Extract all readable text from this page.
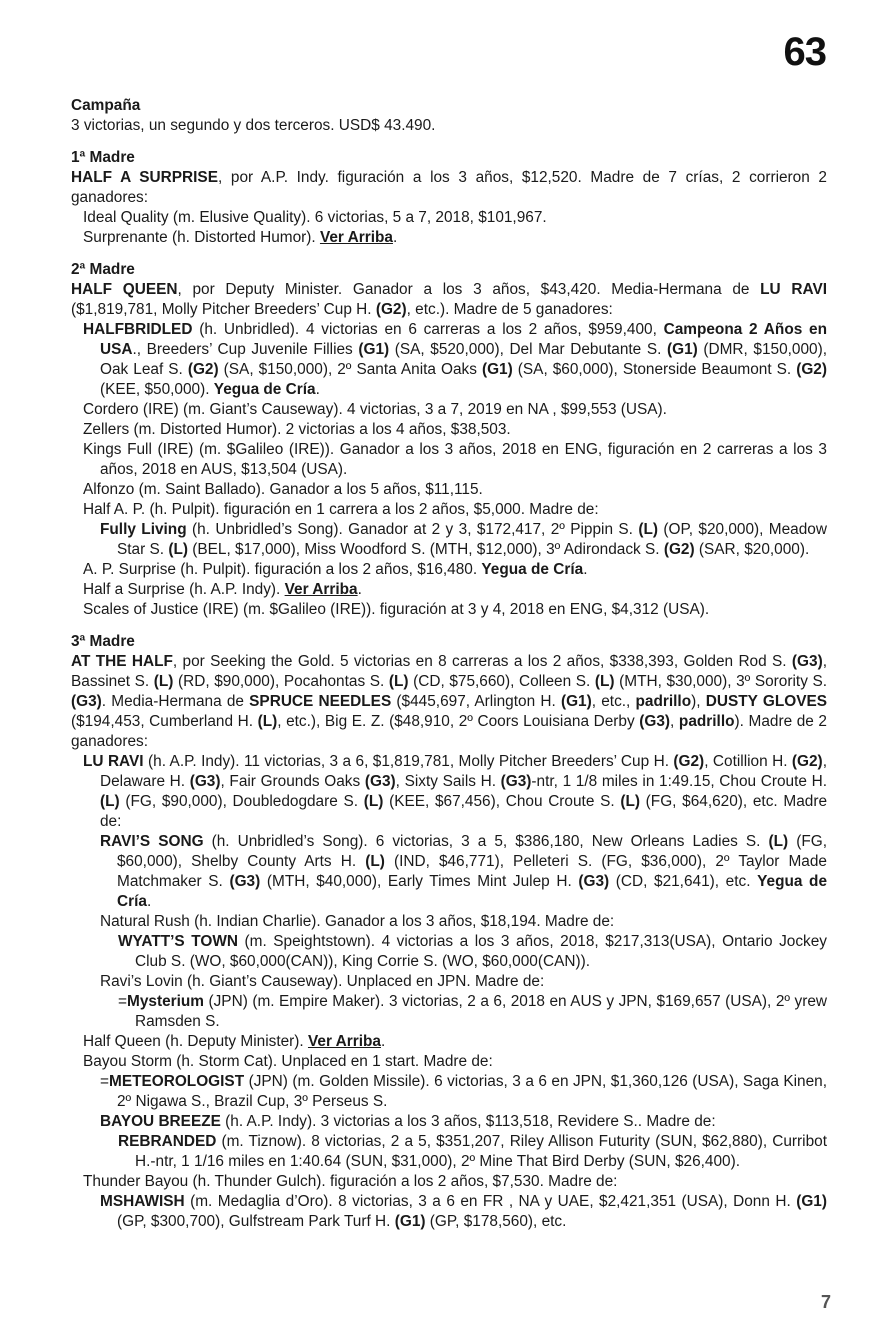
63

Campaña

3 victorias, un segundo y dos terceros. USD$ 43.490.

1ª Madre

HALF A SURPRISE, por A.P. Indy. figuración a los 3 años, $12,520. Madre de 7 crías, 2 corrieron 2 ganadores:

Ideal Quality (m. Elusive Quality). 6 victorias, 5 a 7, 2018, $101,967.

Surprenante (h. Distorted Humor). Ver Arriba.

2ª Madre

HALF QUEEN, por Deputy Minister. Ganador a los 3 años, $43,420. Media-Hermana de LU RAVI ($1,819,781, Molly Pitcher Breeders’ Cup H. (G2), etc.). Madre de 5 ganadores:

HALFBRIDLED (h. Unbridled). 4 victorias en 6 carreras a los 2 años, $959,400, Campeona 2 Años en USA., Breeders’ Cup Juvenile Fillies (G1) (SA, $520,000), Del Mar Debutante S. (G1) (DMR, $150,000), Oak Leaf S. (G2) (SA, $150,000), 2º Santa Anita Oaks (G1) (SA, $60,000), Stonerside Beaumont S. (G2) (KEE, $50,000). Yegua de Cría.

Cordero (IRE) (m. Giant’s Causeway). 4 victorias, 3 a 7, 2019 en NA , $99,553 (USA).

Zellers (m. Distorted Humor). 2 victorias a los 4 años, $38,503.

Kings Full (IRE) (m. $Galileo (IRE)). Ganador a los 3 años, 2018 en ENG, figuración en 2 carreras a los 3 años, 2018 en AUS, $13,504 (USA).

Alfonzo (m. Saint Ballado). Ganador a los 5 años, $11,115.

Half A. P. (h. Pulpit). figuración en 1 carrera a los 2 años, $5,000. Madre de:

Fully Living (h. Unbridled’s Song). Ganador at 2 y 3, $172,417, 2º Pippin S. (L) (OP, $20,000), Meadow Star S. (L) (BEL, $17,000), Miss Woodford S. (MTH, $12,000), 3º Adirondack S. (G2) (SAR, $20,000).

A. P. Surprise (h. Pulpit). figuración a los 2 años, $16,480. Yegua de Cría.

Half a Surprise (h. A.P. Indy). Ver Arriba.

Scales of Justice (IRE) (m. $Galileo (IRE)). figuración at 3 y 4, 2018 en ENG, $4,312 (USA).

3ª Madre

AT THE HALF, por Seeking the Gold. 5 victorias en 8 carreras a los 2 años, $338,393, Golden Rod S. (G3), Bassinet S. (L) (RD, $90,000), Pocahontas S. (L) (CD, $75,660), Colleen S. (L) (MTH, $30,000), 3º Sorority S. (G3). Media-Hermana de SPRUCE NEEDLES ($445,697, Arlington H. (G1), etc., padrillo), DUSTY GLOVES ($194,453, Cumberland H. (L), etc.), Big E. Z. ($48,910, 2º Coors Louisiana Derby (G3), padrillo). Madre de 2 ganadores:

LU RAVI (h. A.P. Indy). 11 victorias, 3 a 6, $1,819,781, Molly Pitcher Breeders’ Cup H. (G2), Cotillion H. (G2), Delaware H. (G3), Fair Grounds Oaks (G3), Sixty Sails H. (G3)-ntr, 1 1/8 miles in 1:49.15, Chou Croute H. (L) (FG, $90,000), Doubledogdare S. (L) (KEE, $67,456), Chou Croute S. (L) (FG, $64,620), etc. Madre de:

RAVI’S SONG (h. Unbridled’s Song). 6 victorias, 3 a 5, $386,180, New Orleans Ladies S. (L) (FG, $60,000), Shelby County Arts H. (L) (IND, $46,771), Pelleteri S. (FG, $36,000), 2º Taylor Made Matchmaker S. (G3) (MTH, $40,000), Early Times Mint Julep H. (G3) (CD, $21,641), etc. Yegua de Cría.

Natural Rush (h. Indian Charlie). Ganador a los 3 años, $18,194. Madre de:

WYATT’S TOWN (m. Speightstown). 4 victorias a los 3 años, 2018, $217,313(USA), Ontario Jockey Club S. (WO, $60,000(CAN)), King Corrie S. (WO, $60,000(CAN)).

Ravi’s Lovin (h. Giant’s Causeway). Unplaced en JPN. Madre de:

=Mysterium (JPN) (m. Empire Maker). 3 victorias, 2 a 6, 2018 en AUS y JPN, $169,657 (USA), 2º yrew Ramsden S.

Half Queen (h. Deputy Minister). Ver Arriba.

Bayou Storm (h. Storm Cat). Unplaced en 1 start. Madre de:

=METEOROLOGIST (JPN) (m. Golden Missile). 6 victorias, 3 a 6 en JPN, $1,360,126 (USA), Saga Kinen, 2º Nigawa S., Brazil Cup, 3º Perseus S.

BAYOU BREEZE (h. A.P. Indy). 3 victorias a los 3 años, $113,518, Revidere S.. Madre de:

REBRANDED (m. Tiznow). 8 victorias, 2 a 5, $351,207, Riley Allison Futurity (SUN, $62,880), Curribot H.-ntr, 1 1/16 miles en 1:40.64 (SUN, $31,000), 2º Mine That Bird Derby (SUN, $26,400).

Thunder Bayou (h. Thunder Gulch). figuración a los 2 años, $7,530. Madre de:

MSHAWISH (m. Medaglia d’Oro). 8 victorias, 3 a 6 en FR , NA y UAE, $2,421,351 (USA), Donn H. (G1) (GP, $300,700), Gulfstream Park Turf H. (G1) (GP, $178,560), etc.

7
